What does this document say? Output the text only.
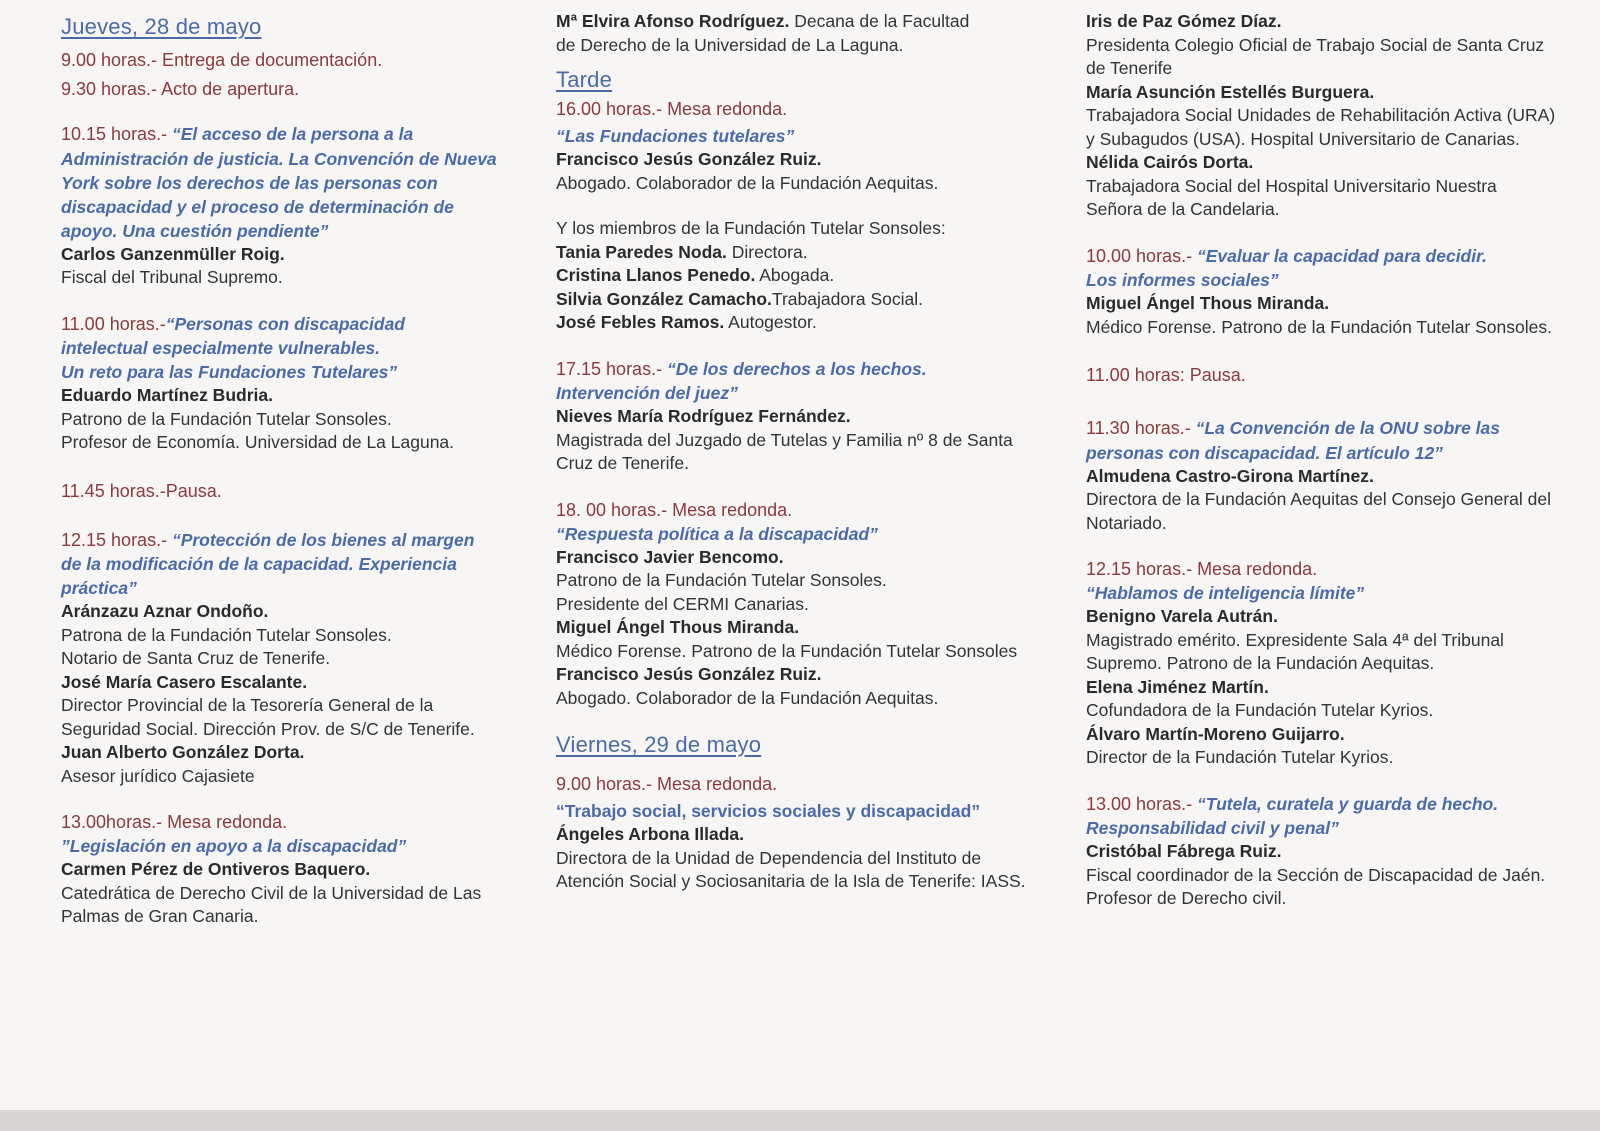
Jueves, 28 de mayo
9.00 horas.- Entrega de documentación.
9.30 horas.- Acto de apertura.
10.15 horas.- “El acceso de la persona a la
Administración de justicia. La Convención de Nueva
York sobre los derechos de las personas con
discapacidad y el proceso de determinación de
apoyo. Una cuestión pendiente”
Carlos Ganzenmüller Roig.
Fiscal del Tribunal Supremo.
11.00 horas.-“Personas con discapacidad
intelectual especialmente vulnerables.
Un reto para las Fundaciones Tutelares”
Eduardo Martínez Budria.
Patrono de la Fundación Tutelar Sonsoles.
Profesor de Economía. Universidad de La Laguna.
11.45 horas.-Pausa.
12.15 horas.- “Protección de los bienes al margen
de la modificación de la capacidad. Experiencia
práctica”
Aránzazu Aznar Ondoño.
Patrona de la Fundación Tutelar Sonsoles.
Notario de Santa Cruz de Tenerife.
José María Casero Escalante.
Director Provincial de la Tesorería General de la
Seguridad Social. Dirección Prov. de S/C de Tenerife.
Juan Alberto González Dorta.
Asesor jurídico Cajasiete
13.00horas.- Mesa redonda.
”Legislación en apoyo a la discapacidad”
Carmen Pérez de Ontiveros Baquero.
Catedrática de Derecho Civil de la Universidad de Las
Palmas de Gran Canaria.
Mª Elvira Afonso Rodríguez. Decana de la Facultad
de Derecho de la Universidad de La Laguna.
Tarde
16.00 horas.- Mesa redonda.
“Las Fundaciones tutelares”
Francisco Jesús González Ruiz.
Abogado. Colaborador de la Fundación Aequitas.
Y los miembros de la Fundación Tutelar Sonsoles:
Tania Paredes Noda. Directora.
Cristina Llanos Penedo. Abogada.
Silvia González Camacho.Trabajadora Social.
José Febles Ramos. Autogestor.
17.15 horas.- “De los derechos a los hechos.
Intervención del juez”
Nieves María Rodríguez Fernández.
Magistrada del Juzgado de Tutelas y Familia nº 8 de Santa
Cruz de Tenerife.
18. 00 horas.- Mesa redonda.
“Respuesta política a la discapacidad”
Francisco Javier Bencomo.
Patrono de la Fundación Tutelar Sonsoles.
Presidente del CERMI Canarias.
Miguel Ángel Thous Miranda.
Médico Forense. Patrono de la Fundación Tutelar Sonsoles
Francisco Jesús González Ruiz.
Abogado. Colaborador de la Fundación Aequitas.
Viernes, 29 de mayo
9.00 horas.- Mesa redonda.
“Trabajo social, servicios sociales y discapacidad”
Ángeles Arbona Illada.
Directora de la Unidad de Dependencia del Instituto de
Atención Social y Sociosanitaria de la Isla de Tenerife: IASS.
Iris de Paz Gómez Díaz.
Presidenta Colegio Oficial de Trabajo Social de Santa Cruz
de Tenerife
María Asunción Estellés Burguera.
Trabajadora Social Unidades de Rehabilitación Activa (URA)
y Subagudos (USA). Hospital Universitario de Canarias.
Nélida Cairós Dorta.
Trabajadora Social del Hospital Universitario Nuestra
Señora de la Candelaria.
10.00 horas.- “Evaluar la capacidad para decidir.
Los informes sociales”
Miguel Ángel Thous Miranda.
Médico Forense. Patrono de la Fundación Tutelar Sonsoles.
11.00 horas: Pausa.
11.30 horas.- “La Convención de la ONU sobre las
personas con discapacidad. El artículo 12”
Almudena Castro-Girona Martínez.
Directora de la Fundación Aequitas del Consejo General del
Notariado.
12.15 horas.- Mesa redonda.
“Hablamos de inteligencia límite”
Benigno Varela Autrán.
Magistrado emérito. Expresidente Sala 4ª del Tribunal
Supremo. Patrono de la Fundación Aequitas.
Elena Jiménez Martín.
Cofundadora de la Fundación Tutelar Kyrios.
Álvaro Martín-Moreno Guijarro.
Director de la Fundación Tutelar Kyrios.
13.00 horas.- “Tutela, curatela y guarda de hecho.
Responsabilidad civil y penal”
Cristóbal Fábrega Ruiz.
Fiscal coordinador de la Sección de Discapacidad de Jaén.
Profesor de Derecho civil.
